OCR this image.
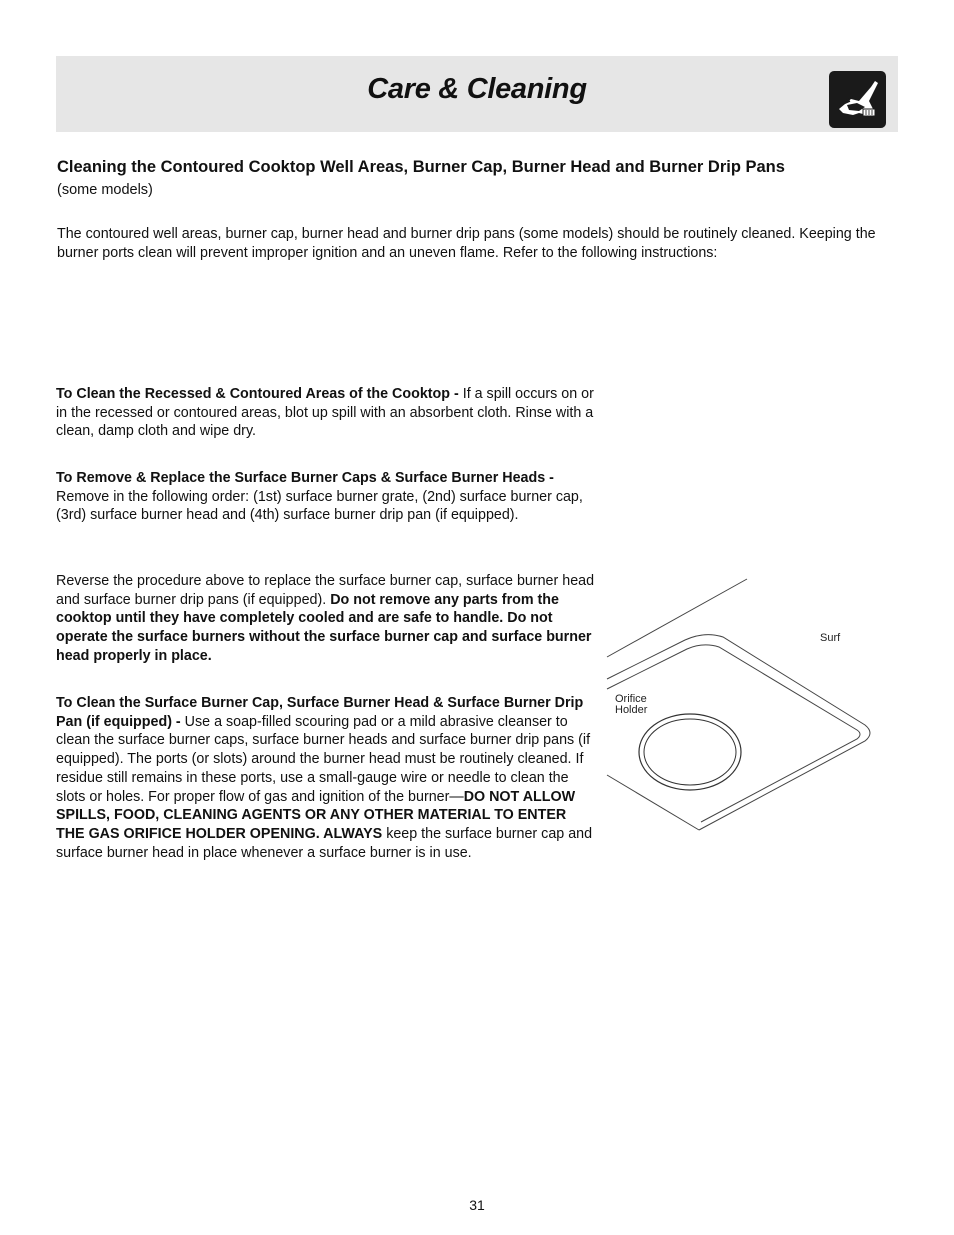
Care & Cleaning
Cleaning the Contoured Cooktop Well Areas, Burner Cap, Burner Head and Burner Drip Pans
(some models)
The contoured well areas, burner cap, burner head and burner drip pans (some models) should be routinely cleaned. Keeping the burner ports clean will prevent improper ignition and an uneven flame. Refer to the following instructions:
To Clean the Recessed & Contoured Areas of the Cooktop - If a spill occurs on or in the recessed or contoured areas, blot up spill with an absorbent cloth. Rinse with a clean, damp cloth and wipe dry.
To Remove & Replace the Surface Burner Caps & Surface Burner Heads - Remove in the following order: (1st) surface burner grate, (2nd) surface burner cap, (3rd) surface burner head and (4th) surface burner drip pan (if equipped).
Reverse the procedure above to replace the surface burner cap, surface burner head and surface burner drip pans (if equipped). Do not remove any parts from the cooktop until they have completely cooled and are safe to handle. Do not operate the surface burners without the surface burner cap and surface burner head properly in place.
To Clean the Surface Burner Cap, Surface Burner Head & Surface Burner Drip Pan (if equipped) - Use a soap-filled scouring pad or a mild abrasive cleanser to clean the surface burner caps, surface burner heads and surface burner drip pans (if equipped). The ports (or slots) around the burner head must be routinely cleaned. If residue still remains in these ports, use a small-gauge wire or needle to clean the slots or holes. For proper flow of gas and ignition of the burner—DO NOT ALLOW SPILLS, FOOD, CLEANING AGENTS OR ANY OTHER MATERIAL TO ENTER THE GAS ORIFICE HOLDER OPENING. ALWAYS keep the surface burner cap and surface burner head in place whenever a surface burner is in use.
Surf
Orifice
Holder
31
